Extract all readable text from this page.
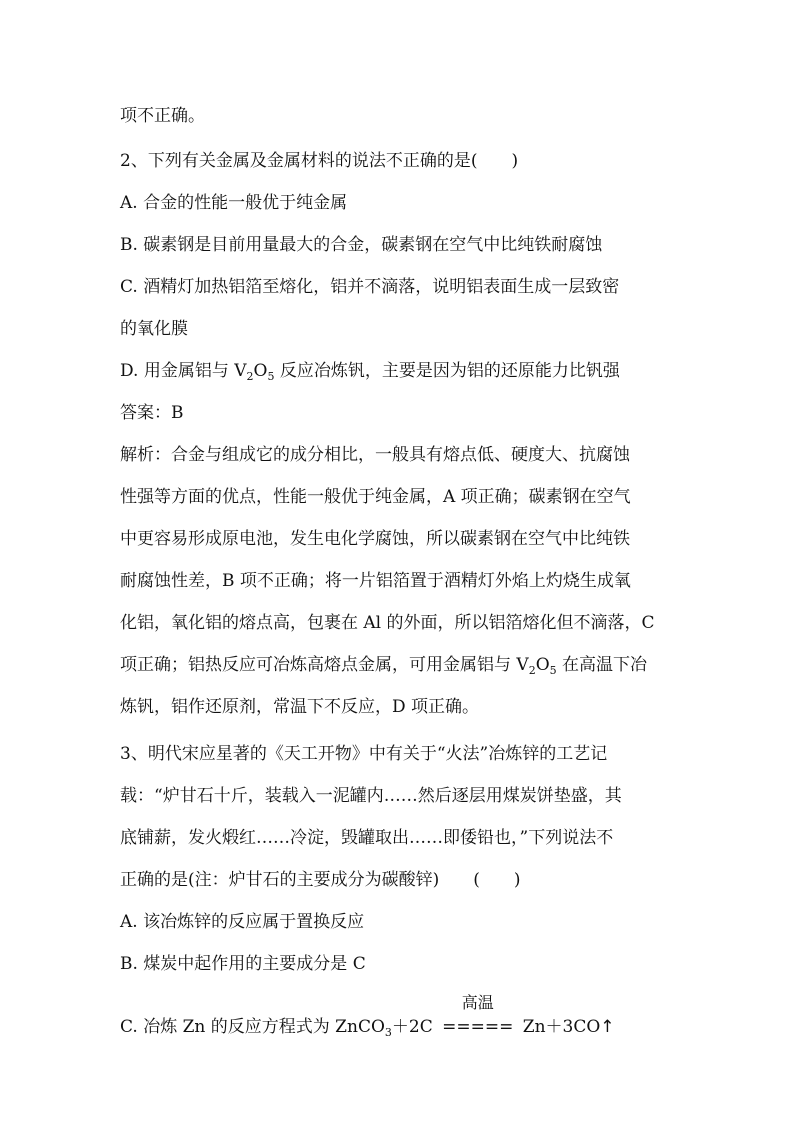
项不正确。
2、下列有关金属及金属材料的说法不正确的是(　　)
A. 合金的性能一般优于纯金属
B. 碳素钢是目前用量最大的合金，碳素钢在空气中比纯铁耐腐蚀
C. 酒精灯加热铝箔至熔化，铝并不滴落，说明铝表面生成一层致密
的氧化膜
D. 用金属铝与 $V_2O_5$ 反应冶炼钒，主要是因为铝的还原能力比钒强
答案：B
解析：合金与组成它的成分相比，一般具有熔点低、硬度大、抗腐蚀
性强等方面的优点，性能一般优于纯金属，A 项正确；碳素钢在空气
中更容易形成原电池，发生电化学腐蚀，所以碳素钢在空气中比纯铁
耐腐蚀性差，B 项不正确；将一片铝箔置于酒精灯外焰上灼烧生成氧
化铝，氧化铝的熔点高，包裹在 Al 的外面，所以铝箔熔化但不滴落，C
项正确；铝热反应可冶炼高熔点金属，可用金属铝与 $V_2O_5$ 在高温下冶
炼钒，铝作还原剂，常温下不反应，D 项正确。
3、明代宋应星著的《天工开物》中有关于“火法”冶炼锌的工艺记
载：“炉甘石十斤，装载入一泥罐内……然后逐层用煤炭饼垫盛，其
底铺薪，发火煅红……冷淀，毁罐取出……即倭铅也，”下列说法不
正确的是(注：炉甘石的主要成分为碳酸锌)　　(　　)
A. 该冶炼锌的反应属于置换反应
B. 煤炭中起作用的主要成分是 C
C. 冶炼 Zn 的反应方程式为 ZnCO$_3$＋2C
高温
===== Zn＋3CO↑
